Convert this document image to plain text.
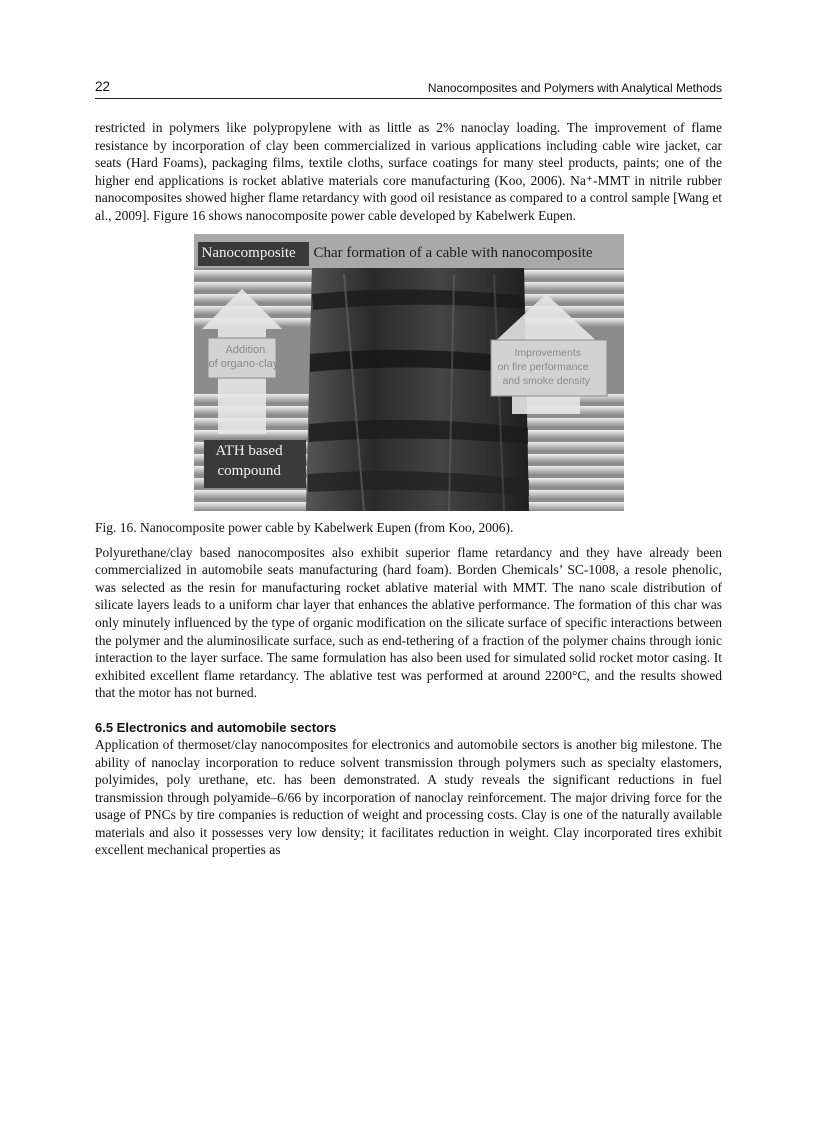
22	Nanocomposites and Polymers with Analytical Methods

restricted in polymers like polypropylene with as little as 2% nanoclay loading. The improvement of flame resistance by incorporation of clay been commercialized in various applications including cable wire jacket, car seats (Hard Foams), packaging films, textile cloths, surface coatings for many steel products, paints; one of the higher end applications is rocket ablative materials core manufacturing (Koo, 2006). Na⁺-MMT in nitrile rubber nanocomposites showed higher flame retardancy with good oil resistance as compared to a control sample [Wang et al., 2009]. Figure 16 shows nanocomposite power cable developed by Kabelwerk Eupen.

Nanocomposite Char formation of a cable with nanocomposite
Addition
of organo-clay
Improvements
on fire performance
and smoke density
ATH based
compound

Fig. 16. Nanocomposite power cable by Kabelwerk Eupen (from Koo, 2006).

Polyurethane/clay based nanocomposites also exhibit superior flame retardancy and they have already been commercialized in automobile seats manufacturing (hard foam). Borden Chemicals’ SC-1008, a resole phenolic, was selected as the resin for manufacturing rocket ablative material with MMT. The nano scale distribution of silicate layers leads to a uniform char layer that enhances the ablative performance. The formation of this char was only minutely influenced by the type of organic modification on the silicate surface of specific interactions between the polymer and the aluminosilicate surface, such as end-tethering of a fraction of the polymer chains through ionic interaction to the layer surface. The same formulation has also been used for simulated solid rocket motor casing. It exhibited excellent flame retardancy. The ablative test was performed at around 2200°C, and the results showed that the motor has not burned.

6.5 Electronics and automobile sectors

Application of thermoset/clay nanocomposites for electronics and automobile sectors is another big milestone. The ability of nanoclay incorporation to reduce solvent transmission through polymers such as specialty elastomers, polyimides, poly urethane, etc. has been demonstrated. A study reveals the significant reductions in fuel transmission through polyamide–6/66 by incorporation of nanoclay reinforcement. The major driving force for the usage of PNCs by tire companies is reduction of weight and processing costs. Clay is one of the naturally available materials and also it possesses very low density; it facilitates reduction in weight. Clay incorporated tires exhibit excellent mechanical properties as
